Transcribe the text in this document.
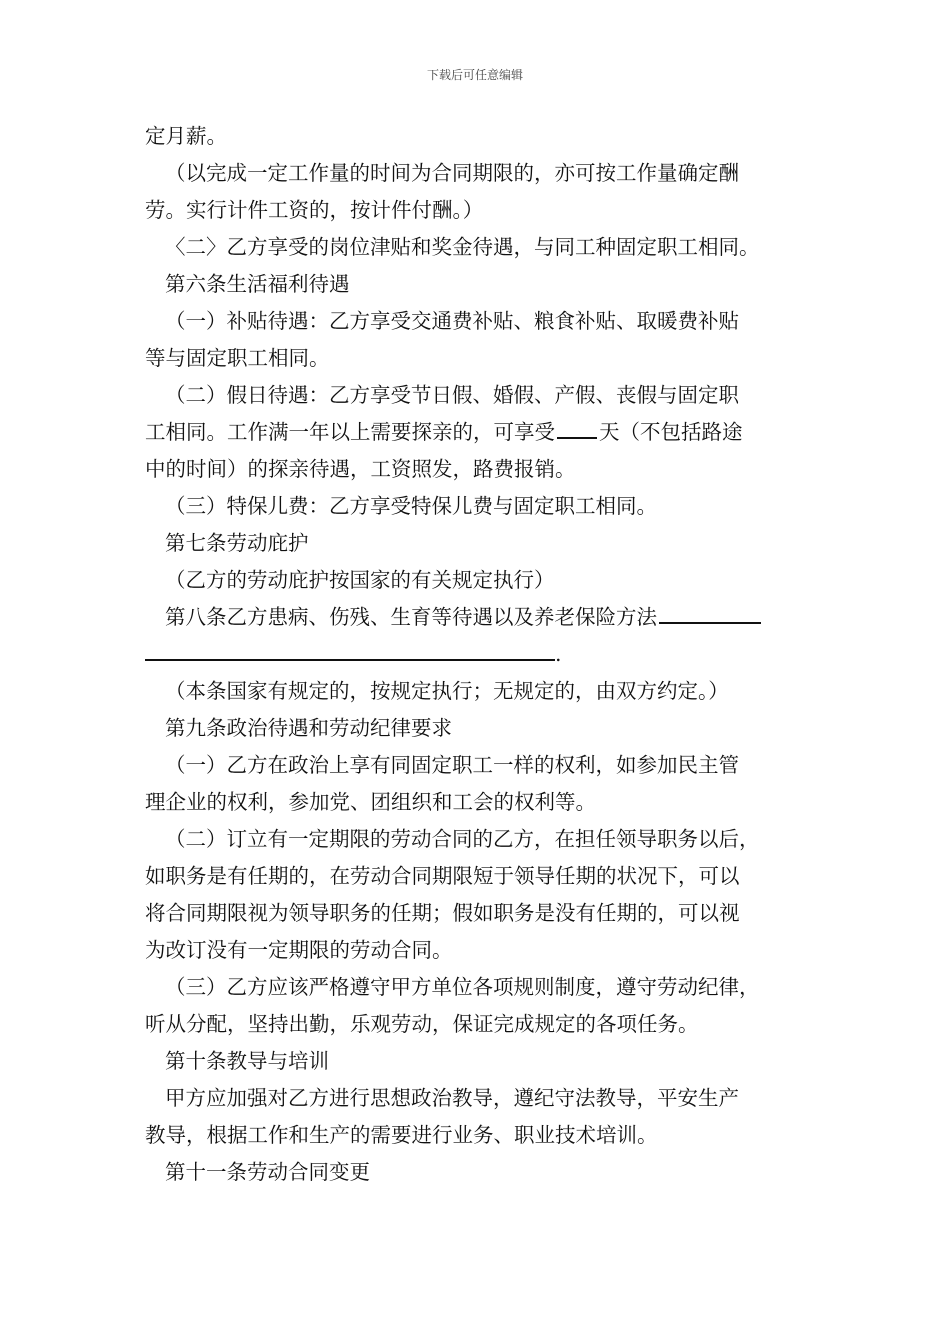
下载后可任意编辑

定月薪。

（以完成一定工作量的时间为合同期限的，亦可按工作量确定酬

劳。实行计件工资的，按计件付酬。）

〈二〉乙方享受的岗位津贴和奖金待遇，与同工种固定职工相同。

第六条生活福利待遇

（一）补贴待遇：乙方享受交通费补贴、粮食补贴、取暖费补贴

等与固定职工相同。

（二）假日待遇：乙方享受节日假、婚假、产假、丧假与固定职

工相同。工作满一年以上需要探亲的，可享受 天（不包括路途

中的时间）的探亲待遇，工资照发，路费报销。

（三）特保儿费：乙方享受特保儿费与固定职工相同。

第七条劳动庇护

（乙方的劳动庇护按国家的有关规定执行）

第八条乙方患病、伤残、生育等待遇以及养老保险方法

.

（本条国家有规定的，按规定执行；无规定的，由双方约定。）

第九条政治待遇和劳动纪律要求

（一）乙方在政治上享有同固定职工一样的权利，如参加民主管

理企业的权利，参加党、团组织和工会的权利等。

（二）订立有一定期限的劳动合同的乙方，在担任领导职务以后，

如职务是有任期的，在劳动合同期限短于领导任期的状况下，可以

将合同期限视为领导职务的任期；假如职务是没有任期的，可以视

为改订没有一定期限的劳动合同。

（三）乙方应该严格遵守甲方单位各项规则制度，遵守劳动纪律，

听从分配，坚持出勤，乐观劳动，保证完成规定的各项任务。

第十条教导与培训

甲方应加强对乙方进行思想政治教导，遵纪守法教导，平安生产

教导，根据工作和生产的需要进行业务、职业技术培训。

第十一条劳动合同变更
